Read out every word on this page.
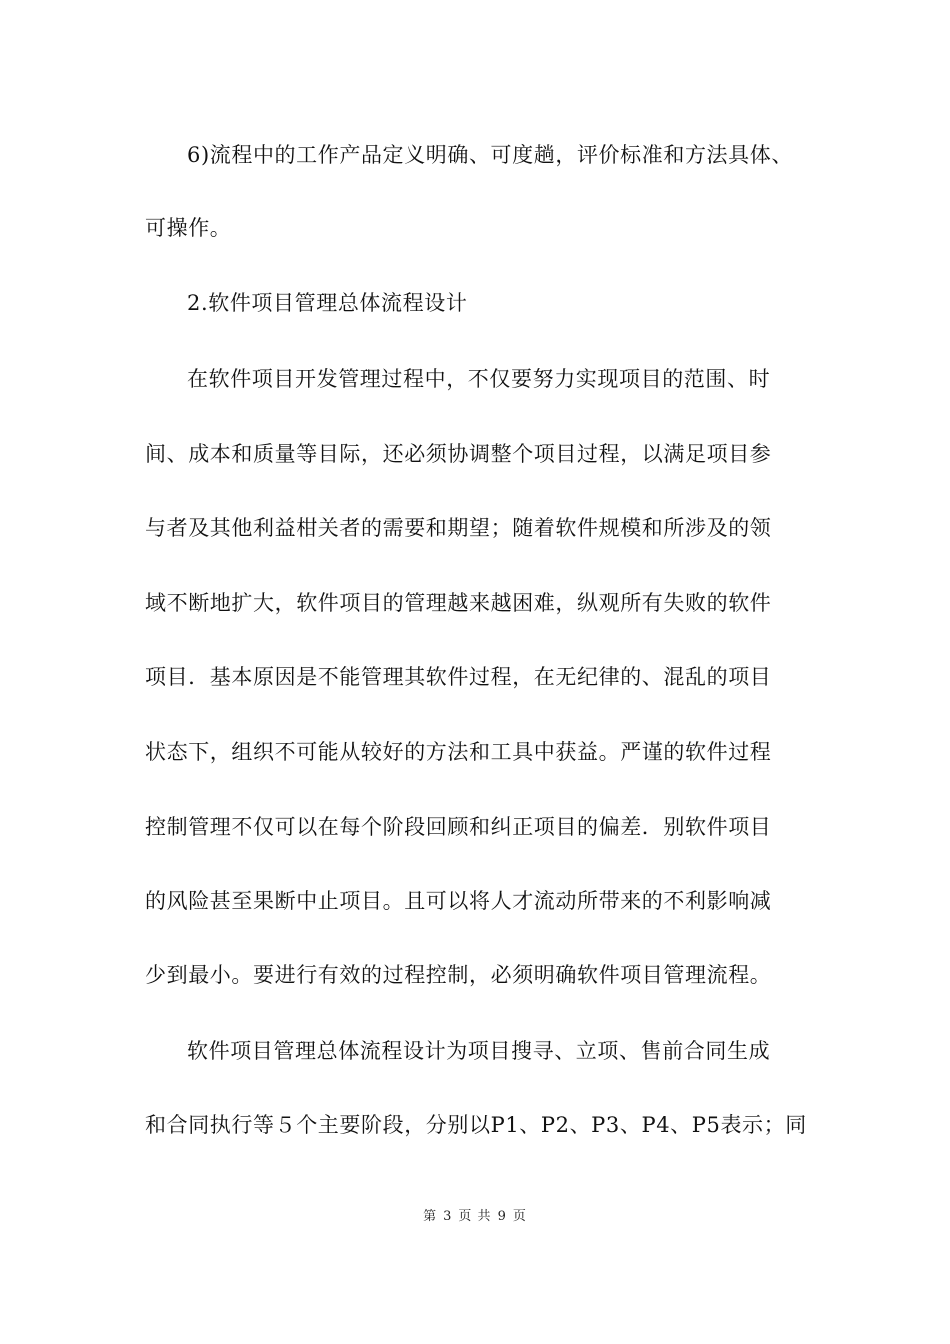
6)流程中的工作产品定义明确、可度趟，评价标准和方法具体、
可操作。
2.软件项目管理总体流程设计
在软件项目开发管理过程中，不仅要努力实现项目的范围、时
间、成本和质量等目际，还必须协调整个项目过程，以满足项目参
与者及其他利益柑关者的需要和期望；随着软件规模和所涉及的领
域不断地扩大，软件项目的管理越来越困难，纵观所有失败的软件
项目．基本原因是不能管理其软件过程，在无纪律的、混乱的项目
状态下，组织不可能从较好的方法和工具中获益。严谨的软件过程
控制管理不仅可以在每个阶段回顾和纠正项目的偏差．别软件项目
的风险甚至果断中止项目。且可以将人才流动所带来的不利影响减
少到最小。要进行有效的过程控制，必须明确软件项目管理流程。
软件项目管理总体流程设计为项目搜寻、立项、售前合同生成
和合同执行等５个主要阶段，分别以P1、P2、P3、P4、P5表示；同
第 3 页 共 9 页
